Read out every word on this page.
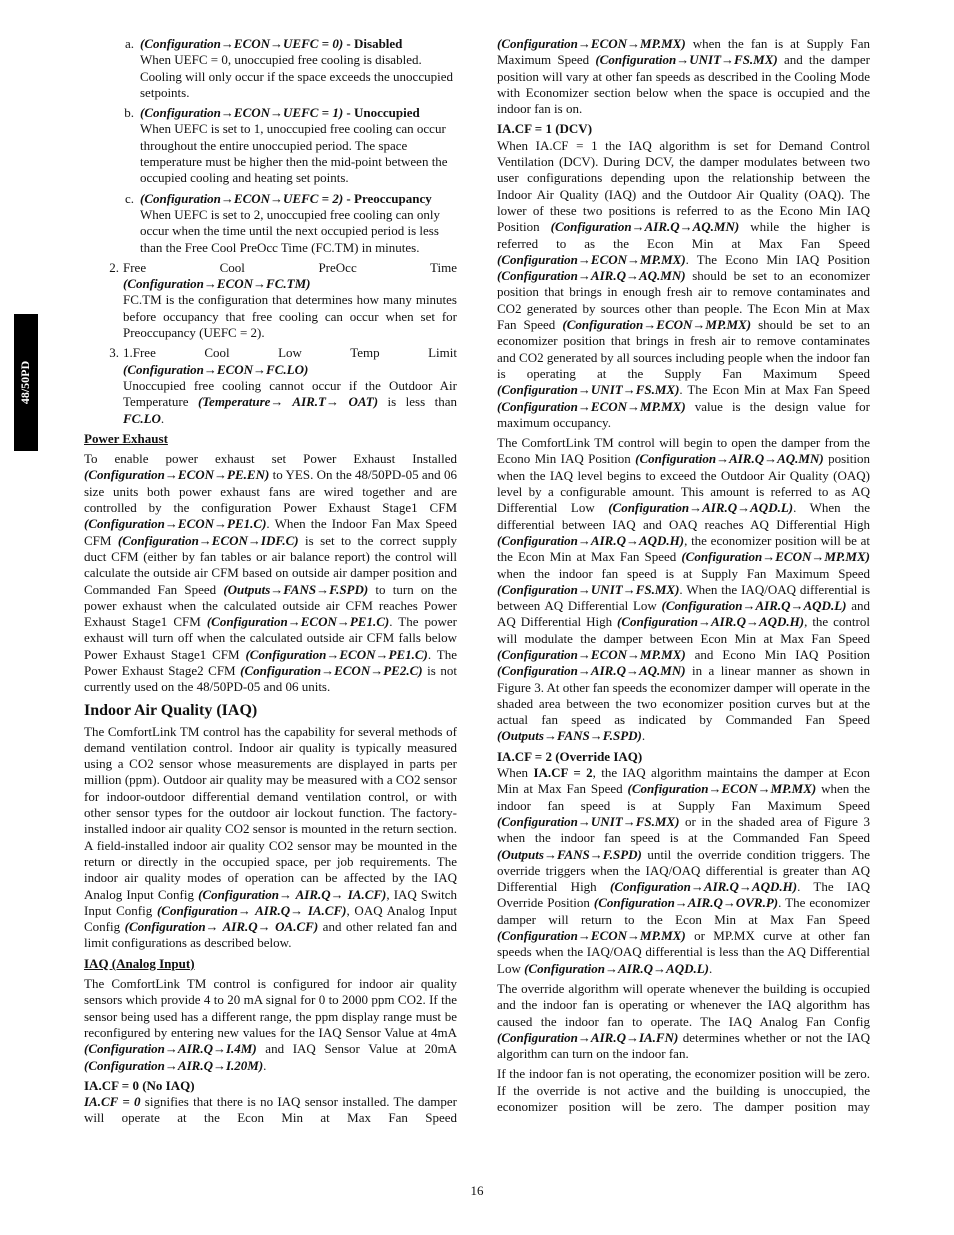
48/50PD
a. (Configuration→ECON→UEFC = 0) - Disabled
When UEFC = 0, unoccupied free cooling is disabled. Cooling will only occur if the space exceeds the unoccupied setpoints.
b. (Configuration→ECON→UEFC = 1) - Unoccupied
When UEFC is set to 1, unoccupied free cooling can occur throughout the entire unoccupied period. The space temperature must be higher then the mid-point between the occupied cooling and heating set points.
c. (Configuration→ECON→UEFC = 2) - Preoccupancy
When UEFC is set to 2, unoccupied free cooling can only occur when the time until the next occupied period is less than the Free Cool PreOcc Time (FC.TM) in minutes.
2. Free Cool PreOcc Time
(Configuration→ECON→FC.TM)

FC.TM is the configuration that determines how many minutes before occupancy that free cooling can occur when set for Preoccupancy (UEFC = 2).

3. 1.Free Cool Low Temp Limit
(Configuration→ECON→FC.LO)

Unoccupied free cooling cannot occur if the Outdoor Air Temperature (Temperature→ AIR.T→ OAT) is less than FC.LO.

Power Exhaust

To enable power exhaust set Power Exhaust Installed (Configuration→ECON→PE.EN) to YES. On the 48/50PD-05 and 06 size units both power exhaust fans are wired together and are controlled by the configuration Power Exhaust Stage1 CFM (Configuration→ECON→PE1.C). When the Indoor Fan Max Speed CFM (Configuration→ECON→IDF.C) is set to the correct supply duct CFM (either by fan tables or air balance report) the control will calculate the outside air CFM based on outside air damper position and Commanded Fan Speed (Outputs→FANS→F.SPD) to turn on the power exhaust when the calculated outside air CFM reaches Power Exhaust Stage1 CFM (Configuration→ECON→PE1.C). The power exhaust will turn off when the calculated outside air CFM falls below Power Exhaust Stage1 CFM (Configuration→ECON→PE1.C). The Power Exhaust Stage2 CFM (Configuration→ECON→PE2.C) is not currently used on the 48/50PD-05 and 06 units.

Indoor Air Quality (IAQ)

The ComfortLink TM control has the capability for several methods of demand ventilation control. Indoor air quality is typically measured using a CO2 sensor whose measurements are displayed in parts per million (ppm). Outdoor air quality may be measured with a CO2 sensor for indoor-outdoor differential demand ventilation control, or with other sensor types for the outdoor air lockout function. The factory-installed indoor air quality CO2 sensor is mounted in the return section. A field-installed indoor air quality CO2 sensor may be mounted in the return or directly in the occupied space, per job requirements. The indoor air quality modes of operation can be affected by the IAQ Analog Input Config (Configuration→ AIR.Q→ IA.CF), IAQ Switch Input Config (Configuration→ AIR.Q→ IA.CF), OAQ Analog Input Config (Configuration→ AIR.Q→ OA.CF) and other related fan and limit configurations as described below.

IAQ (Analog Input)

The ComfortLink TM control is configured for indoor air quality sensors which provide 4 to 20 mA signal for 0 to 2000 ppm CO2. If the sensor being used has a different range, the ppm display range must be reconfigured by entering new values for the IAQ Sensor Value at 4mA (Configuration→AIR.Q→I.4M) and IAQ Sensor Value at 20mA (Configuration→AIR.Q→I.20M).

IA.CF = 0 (No IAQ)

IA.CF = 0 signifies that there is no IAQ sensor installed. The damper will operate at the Econ Min at Max Fan Speed

(Configuration→ECON→MP.MX) when the fan is at Supply Fan Maximum Speed (Configuration→UNIT→FS.MX) and the damper position will vary at other fan speeds as described in the Cooling Mode with Economizer section below when the space is occupied and the indoor fan is on.

IA.CF = 1 (DCV)

When IA.CF = 1 the IAQ algorithm is set for Demand Control Ventilation (DCV). During DCV, the damper modulates between two user configurations depending upon the relationship between the Indoor Air Quality (IAQ) and the Outdoor Air Quality (OAQ). The lower of these two positions is referred to as the Econo Min IAQ Position (Configuration→AIR.Q→AQ.MN) while the higher is referred to as the Econ Min at Max Fan Speed (Configuration→ECON→MP.MX). The Econo Min IAQ Position (Configuration→AIR.Q→AQ.MN) should be set to an economizer position that brings in enough fresh air to remove contaminates and CO2 generated by sources other than people. The Econ Min at Max Fan Speed (Configuration→ECON→MP.MX) should be set to an economizer position that brings in fresh air to remove contaminates and CO2 generated by all sources including people when the indoor fan is operating at the Supply Fan Maximum Speed (Configuration→UNIT→FS.MX). The Econ Min at Max Fan Speed (Configuration→ECON→MP.MX) value is the design value for maximum occupancy.

The ComfortLink TM control will begin to open the damper from the Econo Min IAQ Position (Configuration→AIR.Q→AQ.MN) position when the IAQ level begins to exceed the Outdoor Air Quality (OAQ) level by a configurable amount. This amount is referred to as AQ Differential Low (Configuration→AIR.Q→AQD.L). When the differential between IAQ and OAQ reaches AQ Differential High (Configuration→AIR.Q→AQD.H), the economizer position will be at the Econ Min at Max Fan Speed (Configuration→ECON→MP.MX) when the indoor fan speed is at Supply Fan Maximum Speed (Configuration→UNIT→FS.MX). When the IAQ/OAQ differential is between AQ Differential Low (Configuration→AIR.Q→AQD.L) and AQ Differential High (Configuration→AIR.Q→AQD.H), the control will modulate the damper between Econ Min at Max Fan Speed (Configuration→ECON→MP.MX) and Econo Min IAQ Position (Configuration→AIR.Q→AQ.MN) in a linear manner as shown in Figure 3. At other fan speeds the economizer damper will operate in the shaded area between the two economizer position curves but at the actual fan speed as indicated by Commanded Fan Speed (Outputs→FANS→F.SPD).

IA.CF = 2 (Override IAQ)

When IA.CF = 2, the IAQ algorithm maintains the damper at Econ Min at Max Fan Speed (Configuration→ECON→MP.MX) when the indoor fan speed is at Supply Fan Maximum Speed (Configuration→UNIT→FS.MX) or in the shaded area of Figure 3 when the indoor fan speed is at the Commanded Fan Speed (Outputs→FANS→F.SPD) until the override condition triggers. The override triggers when the IAQ/OAQ differential is greater than AQ Differential High (Configuration→AIR.Q→AQD.H). The IAQ Override Position (Configuration→AIR.Q→OVR.P). The economizer damper will return to the Econ Min at Max Fan Speed (Configuration→ECON→MP.MX) or MP.MX curve at other fan speeds when the IAQ/OAQ differential is less than the AQ Differential Low (Configuration→AIR.Q→AQD.L).

The override algorithm will operate whenever the building is occupied and the indoor fan is operating or whenever the IAQ algorithm has caused the indoor fan to operate. The IAQ Analog Fan Config (Configuration→AIR.Q→IA.FN) determines whether or not the IAQ algorithm can turn on the indoor fan.

If the indoor fan is not operating, the economizer position will be zero. If the override is not active and the building is unoccupied, the economizer position will be zero. The damper position may

16
